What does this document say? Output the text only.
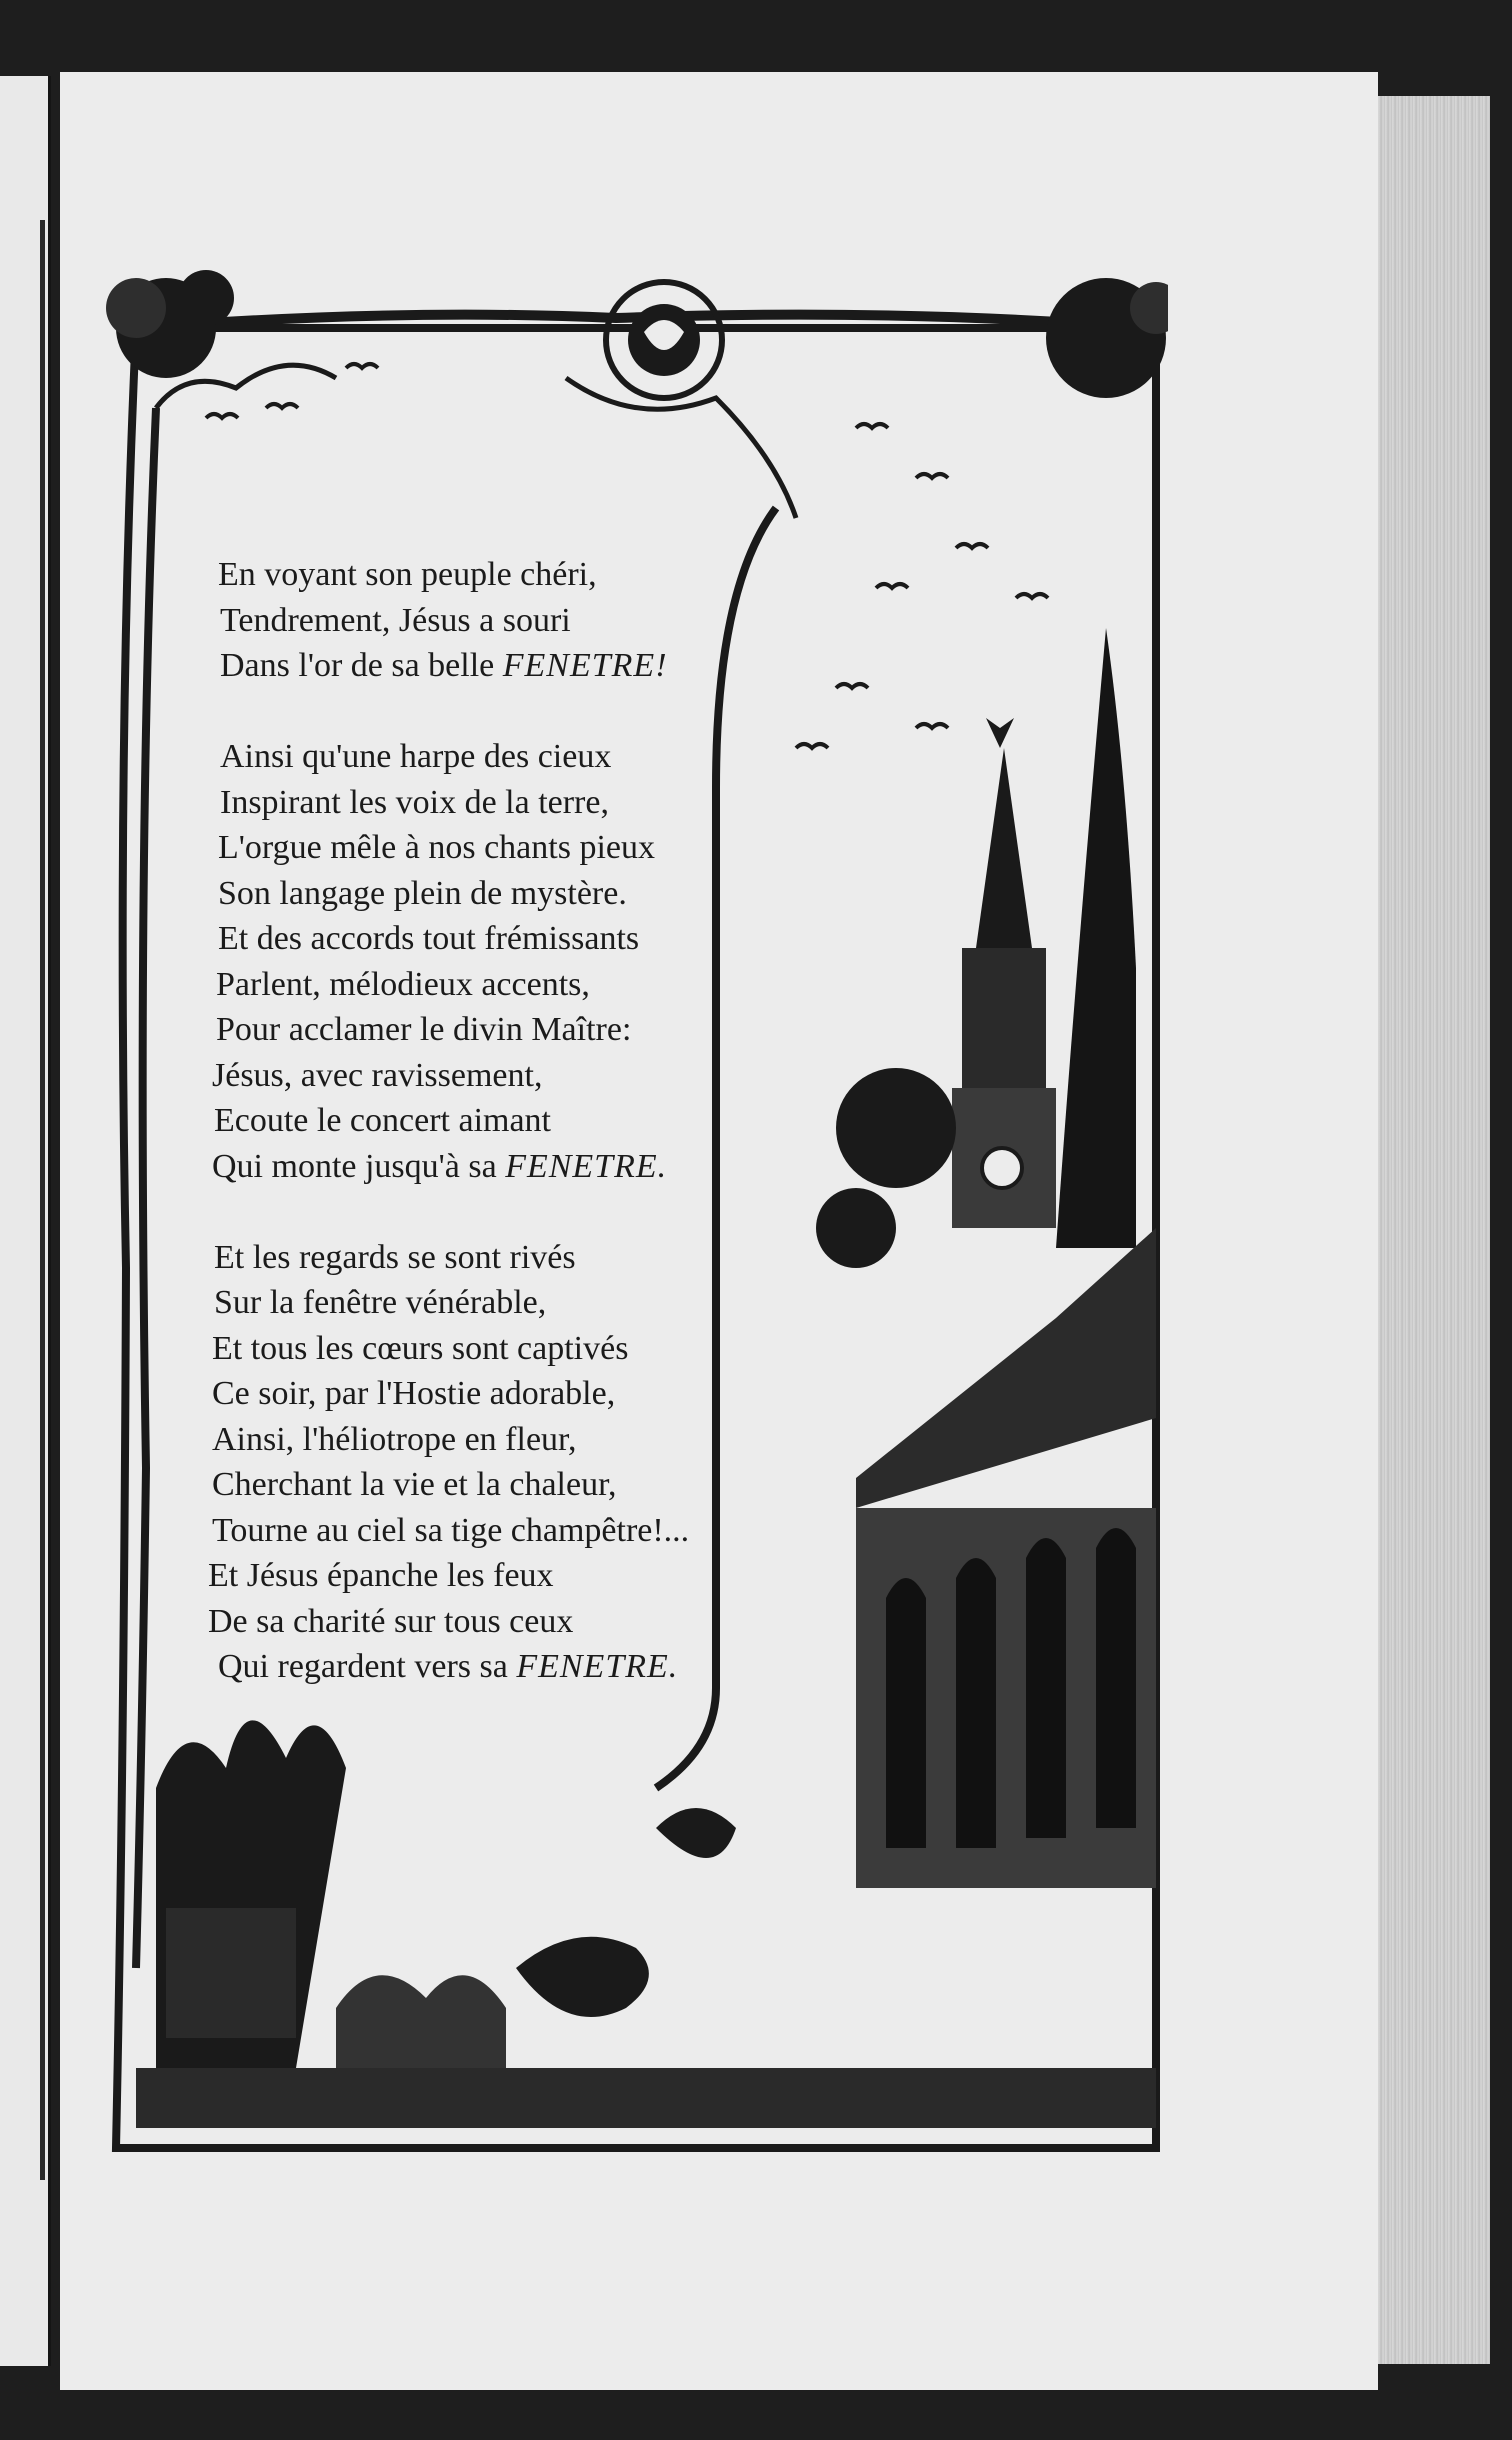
En voyant son peuple chéri,
Tendrement, Jésus a souri
Dans l'or de sa belle FENETRE!
Ainsi qu'une harpe des cieux
Inspirant les voix de la terre,
L'orgue mêle à nos chants pieux
Son langage plein de mystère.
Et des accords tout frémissants
Parlent, mélodieux accents,
Pour acclamer le divin Maître:
Jésus, avec ravissement,
Ecoute le concert aimant
Qui monte jusqu'à sa FENETRE.
Et les regards se sont rivés
Sur la fenêtre vénérable,
Et tous les cœurs sont captivés
Ce soir, par l'Hostie adorable,
Ainsi, l'héliotrope en fleur,
Cherchant la vie et la chaleur,
Tourne au ciel sa tige champêtre!...
Et Jésus épanche les feux
De sa charité sur tous ceux
Qui regardent vers sa FENETRE.
